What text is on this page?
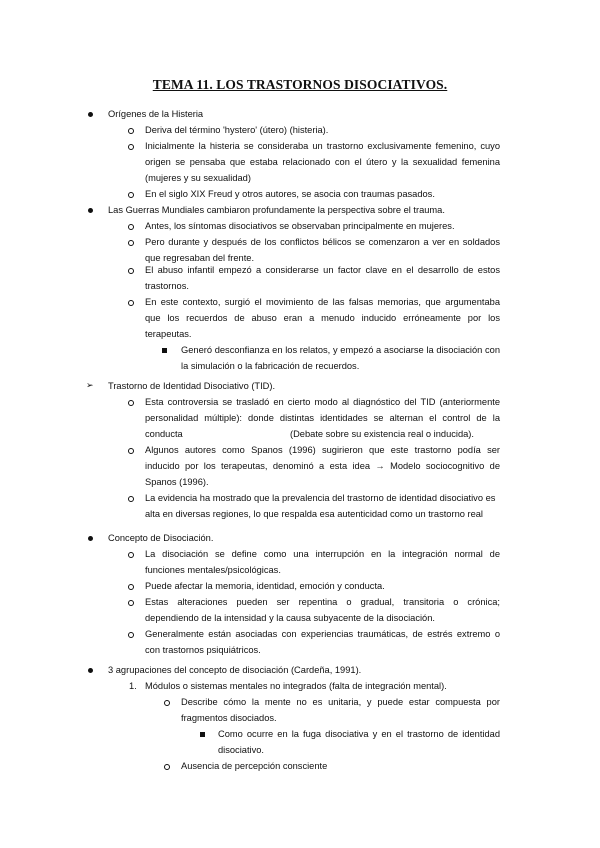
TEMA 11. LOS TRASTORNOS DISOCIATIVOS.
Orígenes de la Histeria
Deriva del término 'hystero' (útero) (histeria).
Inicialmente la histeria se consideraba un trastorno exclusivamente femenino, cuyo
origen se pensaba que estaba relacionado con el útero y la sexualidad femenina
(mujeres y su sexualidad)
En el siglo XIX Freud y otros autores, se asocia con traumas pasados.
Las Guerras Mundiales cambiaron profundamente la perspectiva sobre el trauma.
Antes, los síntomas disociativos se observaban principalmente en mujeres.
Pero durante y después de los conflictos bélicos se comenzaron a ver en soldados
que regresaban del frente.
El abuso infantil empezó a considerarse un factor clave en el desarrollo de estos
trastornos.
En este contexto, surgió el movimiento de las falsas memorias, que argumentaba
que los recuerdos de abuso eran a menudo inducido erróneamente por los
terapeutas.
Generó desconfianza en los relatos, y empezó a asociarse la disociación con
la simulación o la fabricación de recuerdos.
➢ Trastorno de Identidad Disociativo (TID).
Esta controversia se trasladó en cierto modo al diagnóstico del TID (anteriormente
personalidad múltiple): donde distintas identidades se alternan el control de la
conducta	(Debate sobre su existencia real o inducida).
Algunos autores como Spanos (1996) sugirieron que este trastorno podía ser
inducido por los terapeutas, denominó a esta idea → Modelo sociocognitivo de
Spanos (1996).
La evidencia ha mostrado que la prevalencia del trastorno de identidad disociativo es
alta en diversas regiones, lo que respalda esa autenticidad como un trastorno real
Concepto de Disociación.
La disociación se define como una interrupción en la integración normal de
funciones mentales/psicológicas.
Puede afectar la memoria, identidad, emoción y conducta.
Estas alteraciones pueden ser repentina o gradual, transitoria o crónica;
dependiendo de la intensidad y la causa subyacente de la disociación.
Generalmente están asociadas con experiencias traumáticas, de estrés extremo o
con trastornos psiquiátricos.
3 agrupaciones del concepto de disociación (Cardeña, 1991).
1. Módulos o sistemas mentales no integrados (falta de integración mental).
Describe cómo la mente no es unitaria, y puede estar compuesta por
fragmentos disociados.
Como ocurre en la fuga disociativa y en el trastorno de identidad
disociativo.
Ausencia de percepción consciente
